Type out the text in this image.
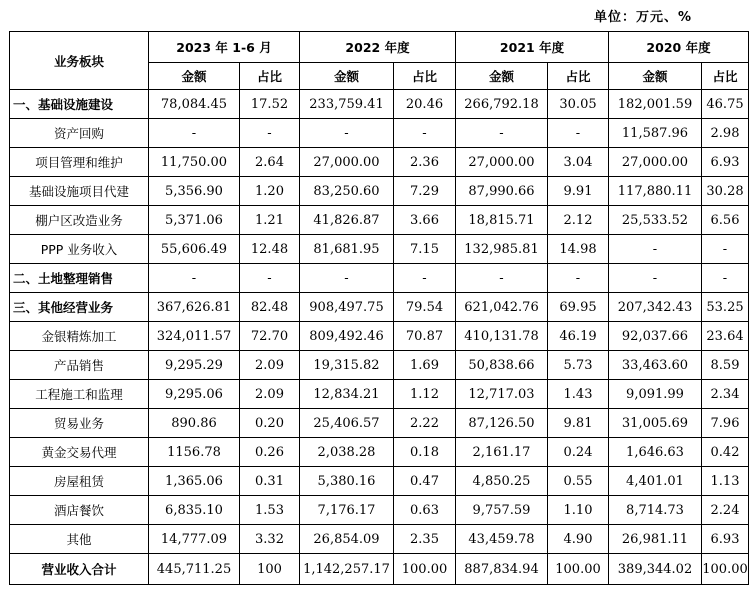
单位：万元、%
业务板块	2023 年 1-6 月		2022 年度		2021 年度		2020 年度	
	金额	占比	金额	占比	金额	占比	金额	占比
一、基础设施建设	78,084.45	17.52	233,759.41	20.46	266,792.18	30.05	182,001.59	46.75
资产回购	-	-	-	-	-	-	11,587.96	2.98
项目管理和维护	11,750.00	2.64	27,000.00	2.36	27,000.00	3.04	27,000.00	6.93
基础设施项目代建	5,356.90	1.20	83,250.60	7.29	87,990.66	9.91	117,880.11	30.28
棚户区改造业务	5,371.06	1.21	41,826.87	3.66	18,815.71	2.12	25,533.52	6.56
PPP 业务收入	55,606.49	12.48	81,681.95	7.15	132,985.81	14.98	-	-
二、土地整理销售	-	-	-	-	-	-	-	-
三、其他经营业务	367,626.81	82.48	908,497.75	79.54	621,042.76	69.95	207,342.43	53.25
金银精炼加工	324,011.57	72.70	809,492.46	70.87	410,131.78	46.19	92,037.66	23.64
产品销售	9,295.29	2.09	19,315.82	1.69	50,838.66	5.73	33,463.60	8.59
工程施工和监理	9,295.06	2.09	12,834.21	1.12	12,717.03	1.43	9,091.99	2.34
贸易业务	890.86	0.20	25,406.57	2.22	87,126.50	9.81	31,005.69	7.96
黄金交易代理	1156.78	0.26	2,038.28	0.18	2,161.17	0.24	1,646.63	0.42
房屋租赁	1,365.06	0.31	5,380.16	0.47	4,850.25	0.55	4,401.01	1.13
酒店餐饮	6,835.10	1.53	7,176.17	0.63	9,757.59	1.10	8,714.73	2.24
其他	14,777.09	3.32	26,854.09	2.35	43,459.78	4.90	26,981.11	6.93
营业收入合计	445,711.25	100	1,142,257.17	100.00	887,834.94	100.00	389,344.02	100.00
